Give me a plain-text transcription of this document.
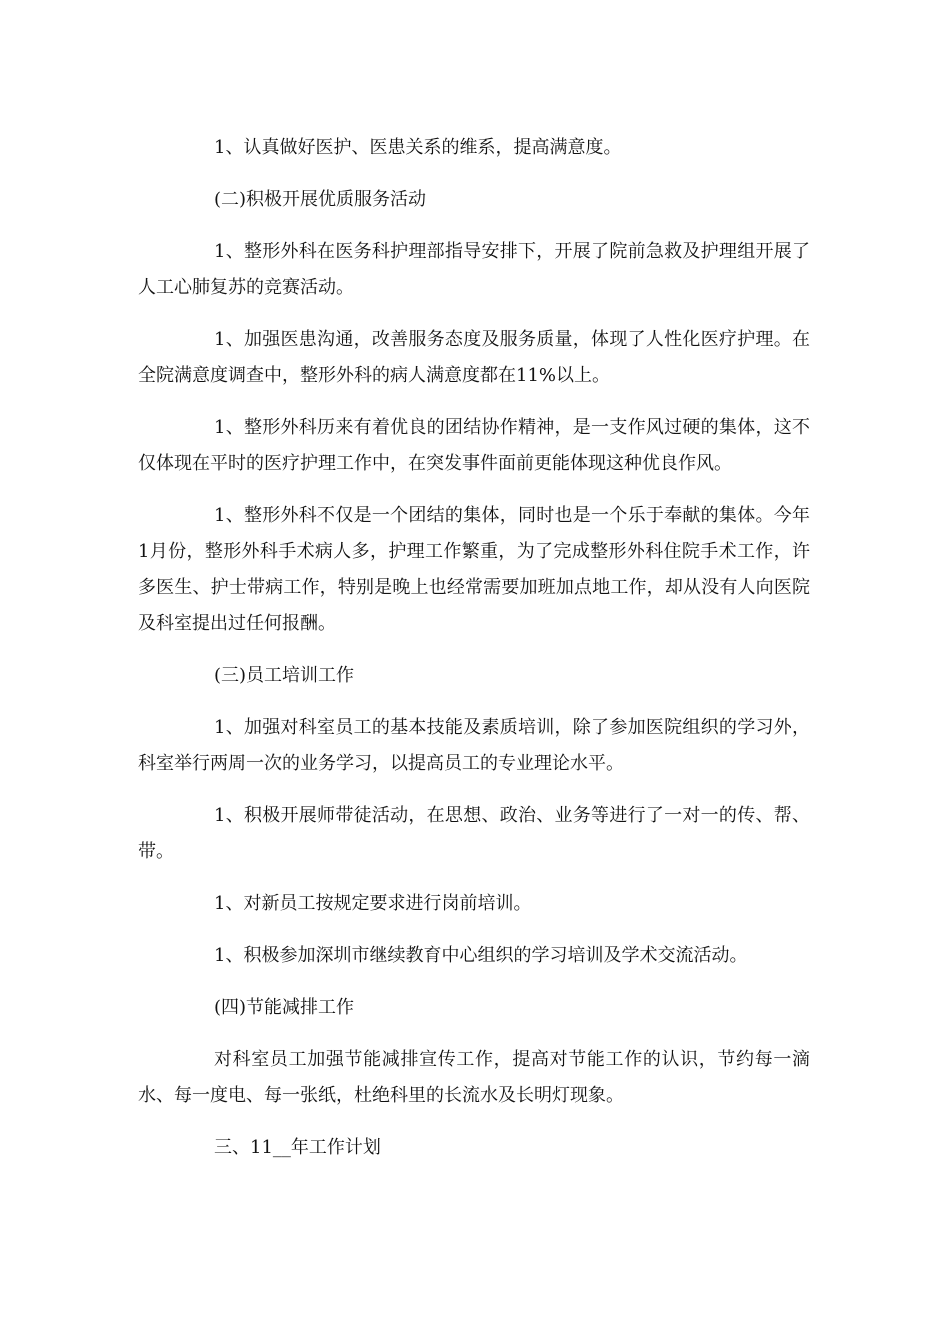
1、认真做好医护、医患关系的维系，提高满意度。

(二)积极开展优质服务活动

1、整形外科在医务科护理部指导安排下，开展了院前急救及护理组开展了人工心肺复苏的竞赛活动。

1、加强医患沟通，改善服务态度及服务质量，体现了人性化医疗护理。在全院满意度调查中，整形外科的病人满意度都在11%以上。

1、整形外科历来有着优良的团结协作精神，是一支作风过硬的集体，这不仅体现在平时的医疗护理工作中，在突发事件面前更能体现这种优良作风。

1、整形外科不仅是一个团结的集体，同时也是一个乐于奉献的集体。今年1月份，整形外科手术病人多，护理工作繁重，为了完成整形外科住院手术工作，许多医生、护士带病工作，特别是晚上也经常需要加班加点地工作，却从没有人向医院及科室提出过任何报酬。

(三)员工培训工作

1、加强对科室员工的基本技能及素质培训，除了参加医院组织的学习外，科室举行两周一次的业务学习，以提高员工的专业理论水平。

1、积极开展师带徒活动，在思想、政治、业务等进行了一对一的传、帮、带。

1、对新员工按规定要求进行岗前培训。

1、积极参加深圳市继续教育中心组织的学习培训及学术交流活动。

(四)节能减排工作

对科室员工加强节能减排宣传工作，提高对节能工作的认识，节约每一滴水、每一度电、每一张纸，杜绝科里的长流水及长明灯现象。

三、11__年工作计划
